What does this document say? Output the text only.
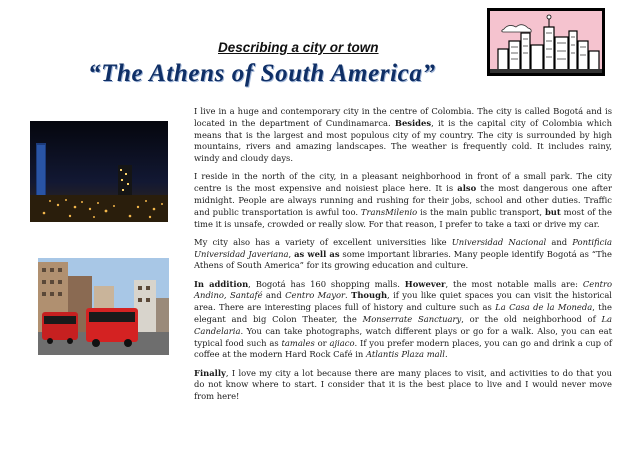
Describing a city or town
“The Athens of South America”

I live in a huge and contemporary city in the centre of Colombia. The city is called Bogotá and is located in the department of Cundinamarca. Besides, it is the capital city of Colombia which means that is the largest and most populous city of my country. The city is surrounded by high mountains, rivers and amazing landscapes. The weather is frequently cold. It includes rainy, windy and cloudy days.

I reside in the north of the city, in a pleasant neighborhood in front of a small park. The city centre is the most expensive and noisiest place here. It is also the most dangerous one after midnight. People are always running and rushing for their jobs, school and other duties. Traffic and public transportation is awful too. TransMilenio is the main public transport, but most of the time it is unsafe, crowded or really slow. For that reason, I prefer to take a taxi or drive my car.

My city also has a variety of excellent universities like Universidad Nacional and Pontificia Universidad Javeriana, as well as some important libraries. Many people identify Bogotá as “The Athens of South America” for its growing education and culture.

In addition, Bogotá has 160 shopping malls. However, the most notable malls are: Centro Andino, Santafé and Centro Mayor. Though, if you like quiet spaces you can visit the historical area. There are interesting places full of history and culture such as La Casa de la Moneda, the elegant and big Colon Theater, the Monserrate Sanctuary, or the old neighborhood of La Candelaria. You can take photographs, watch different plays or go for a walk. Also, you can eat typical food such as tamales or ajiaco. If you prefer modern places, you can go and drink a cup of coffee at the modern Hard Rock Café in Atlantis Plaza mall.

Finally, I love my city a lot because there are many places to visit, and activities to do that you do not know where to start. I consider that it is the best place to live and I would never move from here!
